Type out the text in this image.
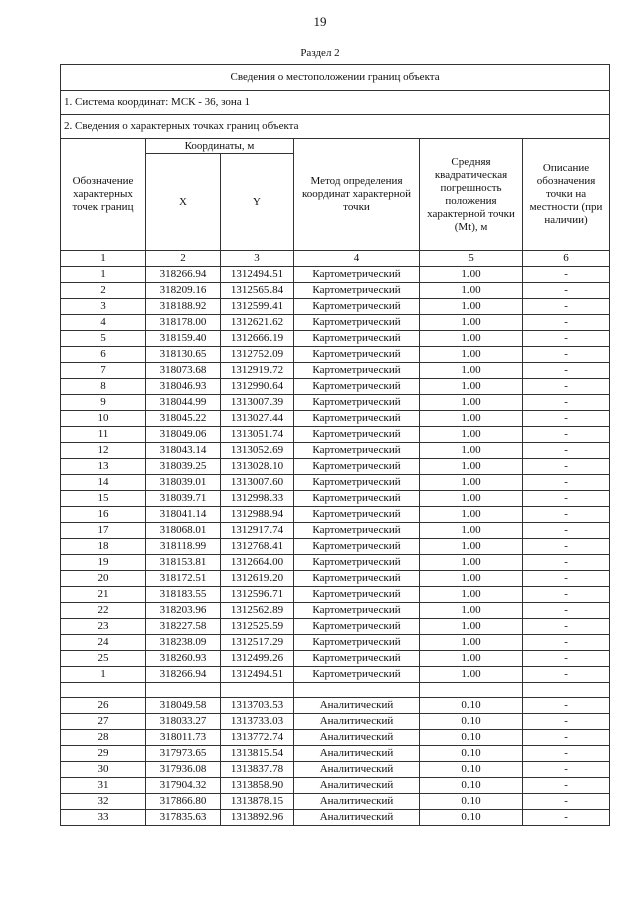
19
Раздел 2
Сведения о местоположении границ объекта					
1. Система координат: МСК - 36, зона 1					
2. Сведения о характерных точках границ объекта					
Обозначение характерных точек границ	Координаты, м		Метод определения координат характерной точки	Средняя квадратическая погрешность положения характерной точки (Mt), м	Описание обозначения точки на местности (при наличии)
	X	Y			
1	2	3	4	5	6
1	318266.94	1312494.51	Картометрический	1.00	-
2	318209.16	1312565.84	Картометрический	1.00	-
3	318188.92	1312599.41	Картометрический	1.00	-
4	318178.00	1312621.62	Картометрический	1.00	-
5	318159.40	1312666.19	Картометрический	1.00	-
6	318130.65	1312752.09	Картометрический	1.00	-
7	318073.68	1312919.72	Картометрический	1.00	-
8	318046.93	1312990.64	Картометрический	1.00	-
9	318044.99	1313007.39	Картометрический	1.00	-
10	318045.22	1313027.44	Картометрический	1.00	-
11	318049.06	1313051.74	Картометрический	1.00	-
12	318043.14	1313052.69	Картометрический	1.00	-
13	318039.25	1313028.10	Картометрический	1.00	-
14	318039.01	1313007.60	Картометрический	1.00	-
15	318039.71	1312998.33	Картометрический	1.00	-
16	318041.14	1312988.94	Картометрический	1.00	-
17	318068.01	1312917.74	Картометрический	1.00	-
18	318118.99	1312768.41	Картометрический	1.00	-
19	318153.81	1312664.00	Картометрический	1.00	-
20	318172.51	1312619.20	Картометрический	1.00	-
21	318183.55	1312596.71	Картометрический	1.00	-
22	318203.96	1312562.89	Картометрический	1.00	-
23	318227.58	1312525.59	Картометрический	1.00	-
24	318238.09	1312517.29	Картометрический	1.00	-
25	318260.93	1312499.26	Картометрический	1.00	-
1	318266.94	1312494.51	Картометрический	1.00	-

26	318049.58	1313703.53	Аналитический	0.10	-
27	318033.27	1313733.03	Аналитический	0.10	-
28	318011.73	1313772.74	Аналитический	0.10	-
29	317973.65	1313815.54	Аналитический	0.10	-
30	317936.08	1313837.78	Аналитический	0.10	-
31	317904.32	1313858.90	Аналитический	0.10	-
32	317866.80	1313878.15	Аналитический	0.10	-
33	317835.63	1313892.96	Аналитический	0.10	-
